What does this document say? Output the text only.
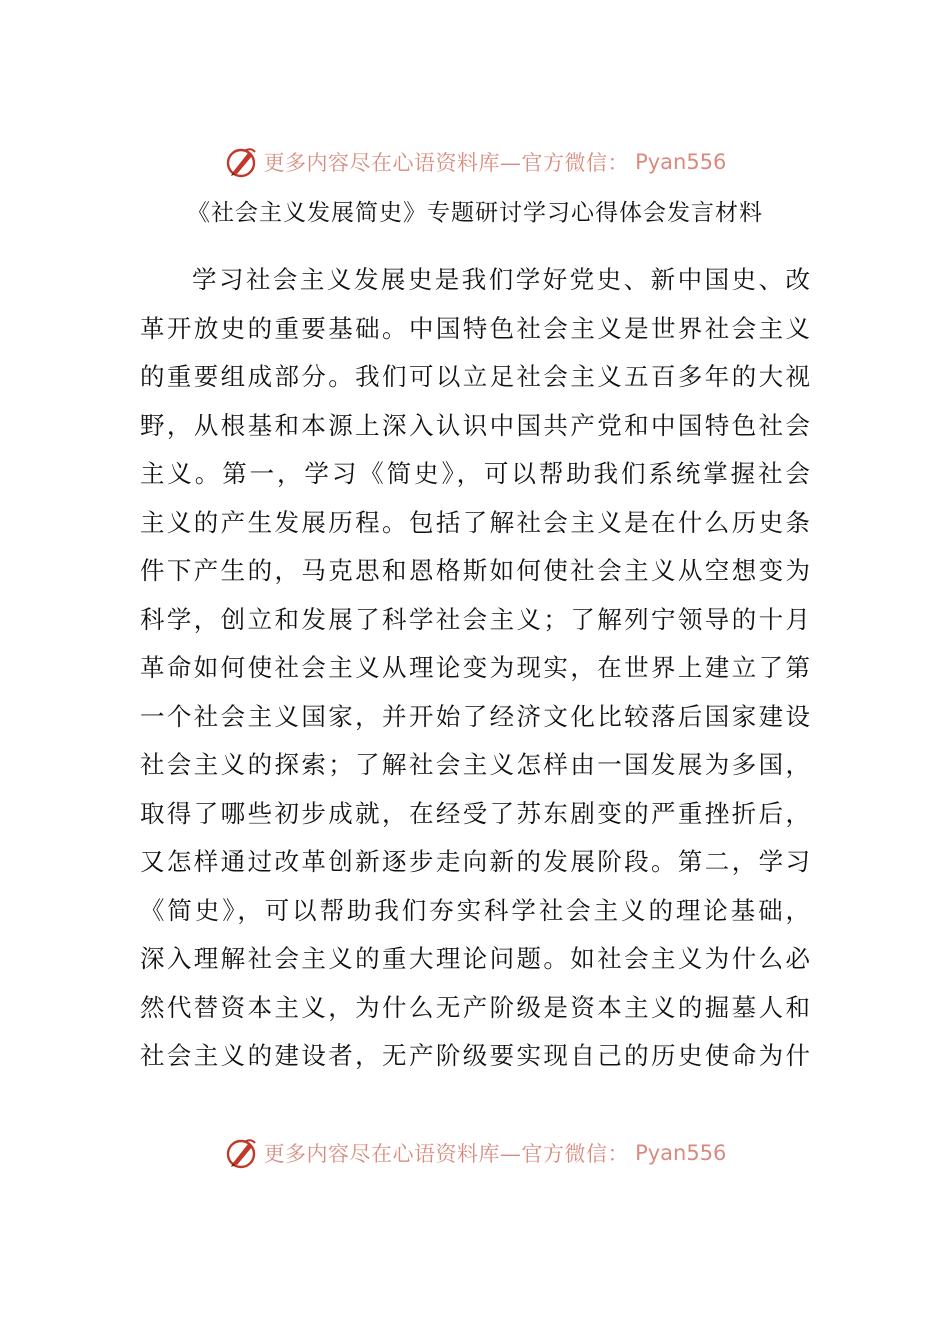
更多内容尽在心语资料库—官方微信： Pyan556
《社会主义发展简史》专题研讨学习心得体会发言材料
学习社会主义发展史是我们学好党史、新中国史、改
革开放史的重要基础。中国特色社会主义是世界社会主义
的重要组成部分。我们可以立足社会主义五百多年的大视
野，从根基和本源上深入认识中国共产党和中国特色社会
主义。第一，学习《简史》，可以帮助我们系统掌握社会
主义的产生发展历程。包括了解社会主义是在什么历史条
件下产生的，马克思和恩格斯如何使社会主义从空想变为
科学，创立和发展了科学社会主义；了解列宁领导的十月
革命如何使社会主义从理论变为现实，在世界上建立了第
一个社会主义国家，并开始了经济文化比较落后国家建设
社会主义的探索；了解社会主义怎样由一国发展为多国，
取得了哪些初步成就，在经受了苏东剧变的严重挫折后，
又怎样通过改革创新逐步走向新的发展阶段。第二，学习
《简史》，可以帮助我们夯实科学社会主义的理论基础，
深入理解社会主义的重大理论问题。如社会主义为什么必
然代替资本主义，为什么无产阶级是资本主义的掘墓人和
社会主义的建设者，无产阶级要实现自己的历史使命为什
更多内容尽在心语资料库—官方微信： Pyan556
